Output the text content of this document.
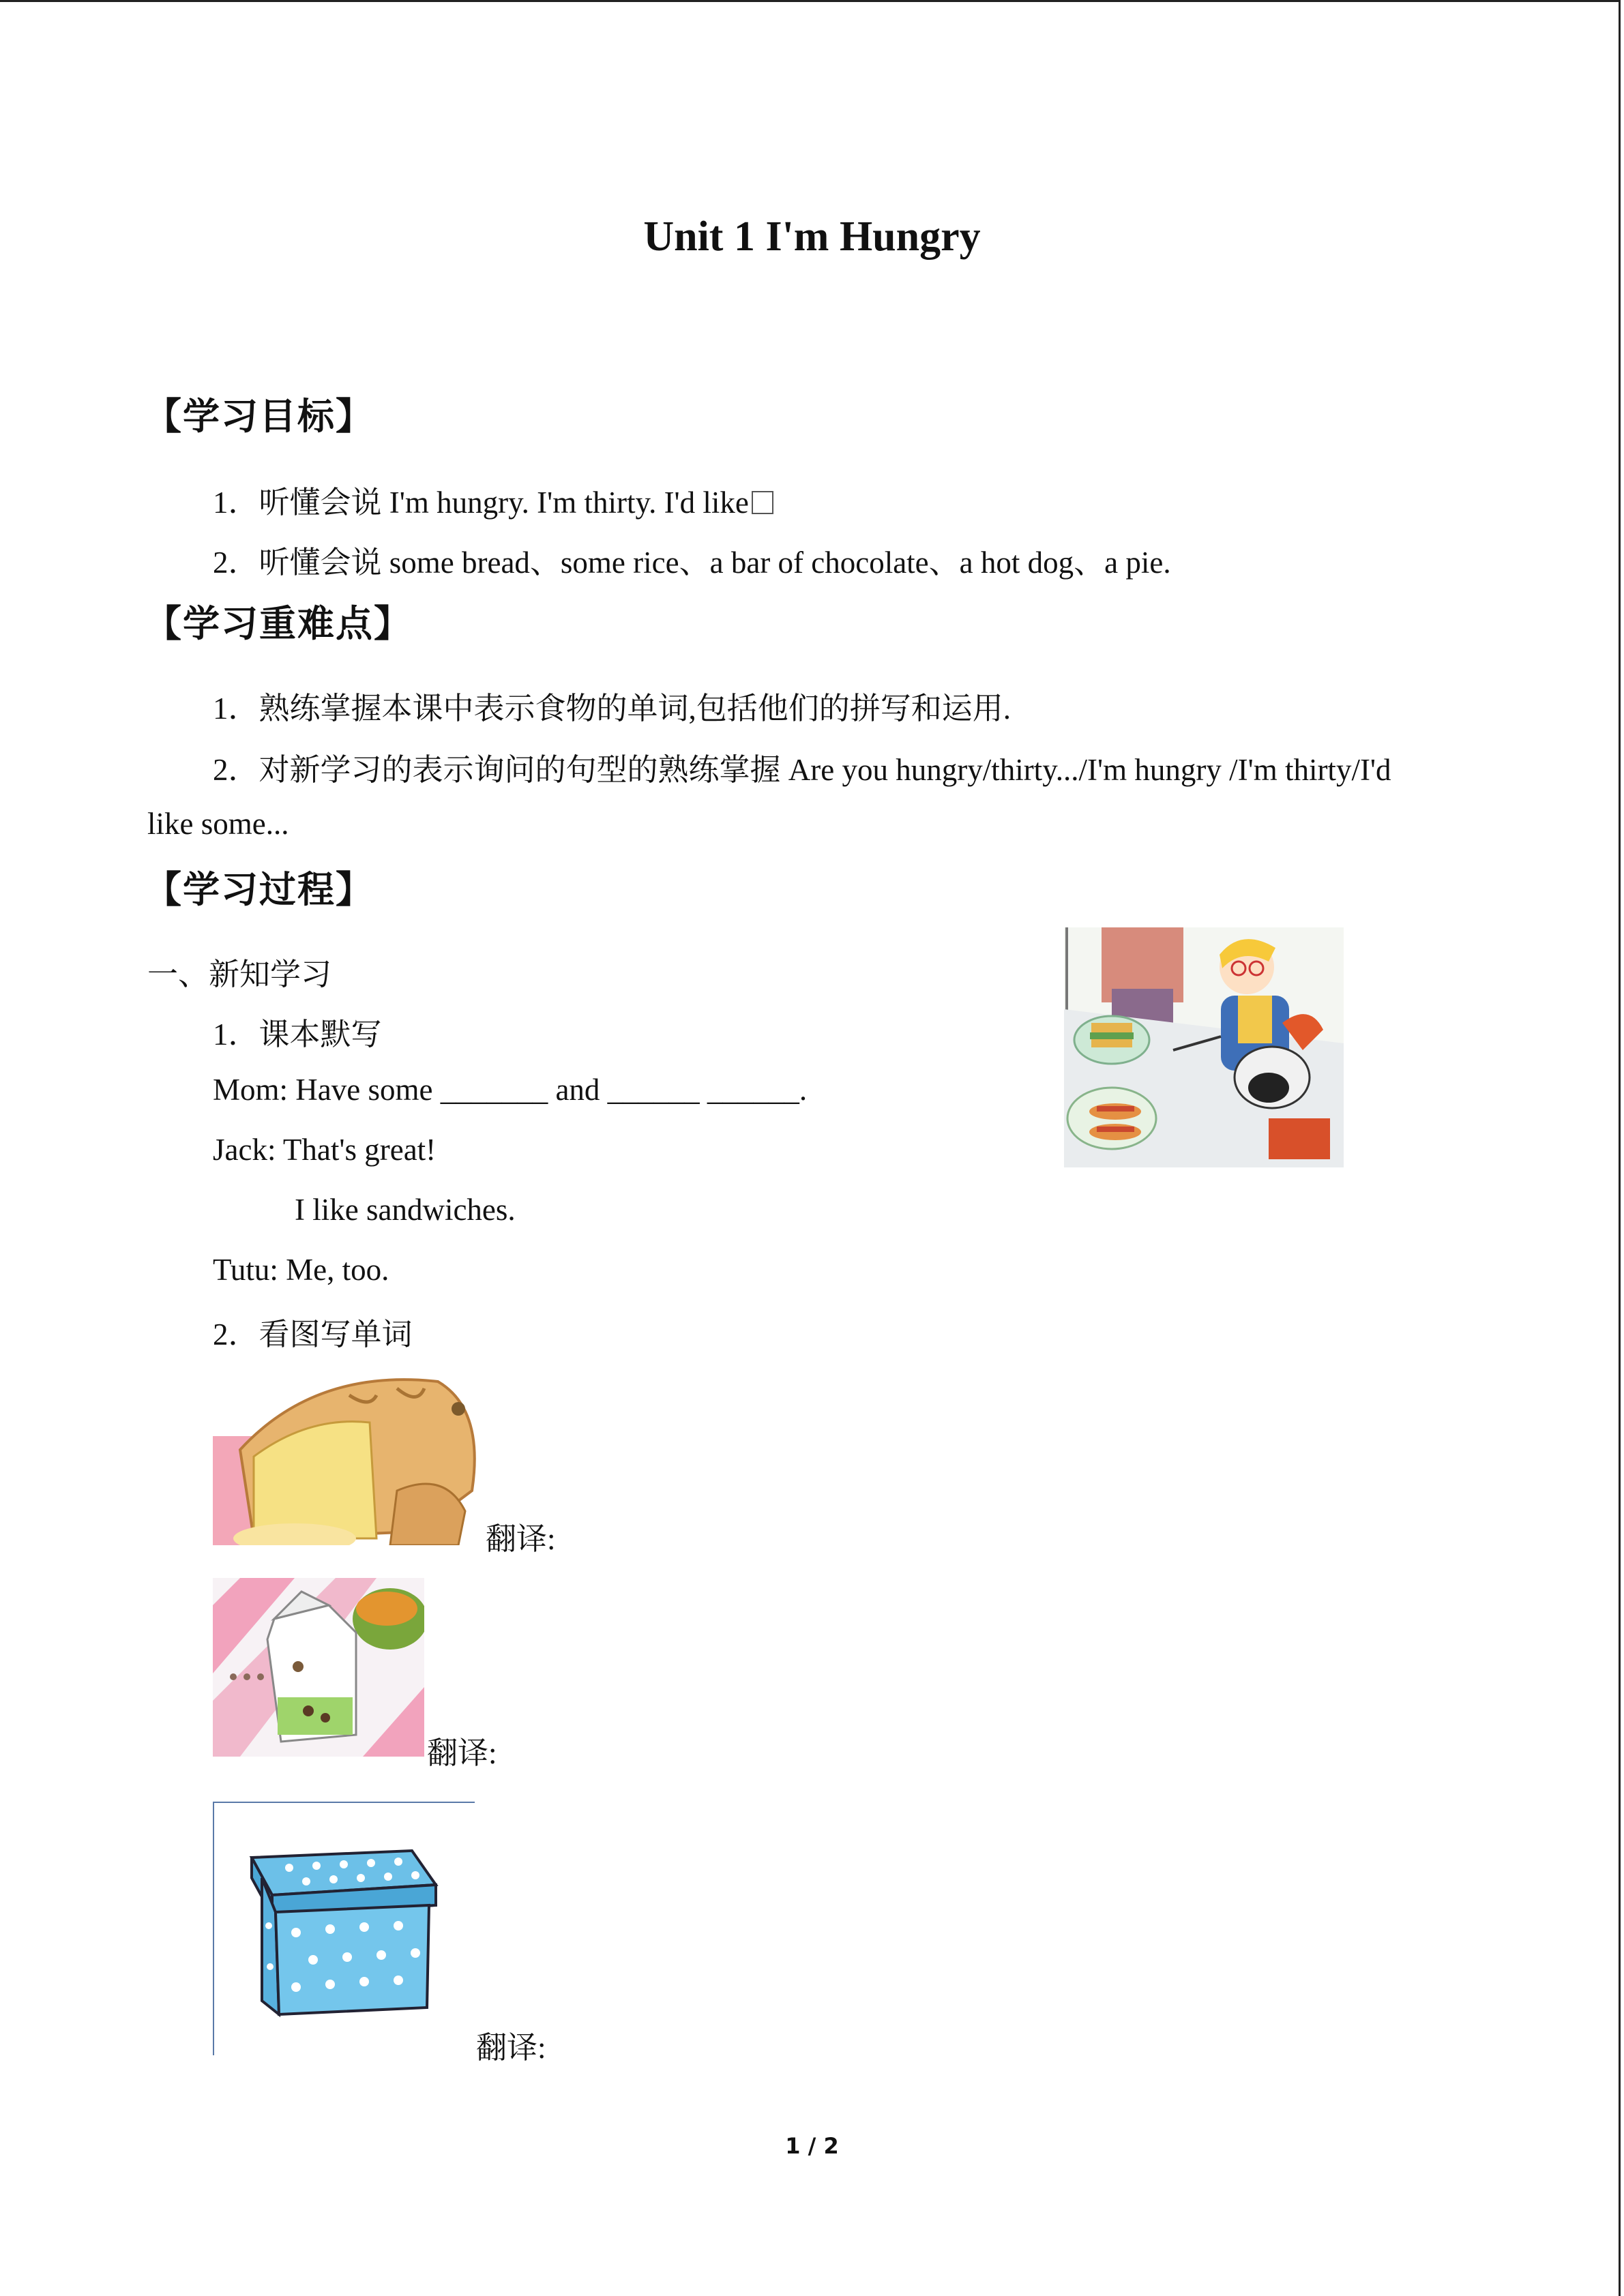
Unit 1 I'm Hungry
【学习目标】
1．听懂会说 I'm hungry. I'm thirty. I'd like
2．听懂会说 some bread、some rice、a bar of chocolate、a hot dog、a pie.
【学习重难点】
1．熟练掌握本课中表示食物的单词,包括他们的拼写和运用.
2．对新学习的表示询问的句型的熟练掌握 Are you hungry/thirty.../I'm hungry /I'm thirty/I'd
like some...
【学习过程】
一、新知学习
1．课本默写
Mom: Have some _______ and ______ ______.
Jack: That's great!
I like sandwiches.
Tutu: Me, too.
2．看图写单词
翻译:
翻译:
翻译:
1 / 2
